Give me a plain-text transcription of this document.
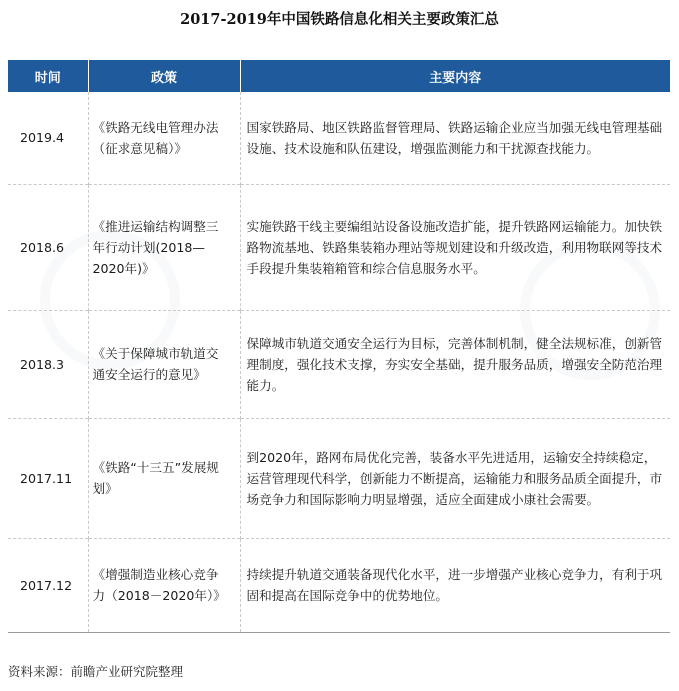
2017-2019年中国铁路信息化相关主要政策汇总
时间	政策	主要内容
2019.4	《铁路无线电管理办法（征求意见稿）》	国家铁路局、地区铁路监督管理局、铁路运输企业应当加强无线电管理基础设施、技术设施和队伍建设，增强监测能力和干扰源查找能力。
2018.6	《推进运输结构调整三年行动计划(2018—2020年)》	实施铁路干线主要编组站设备设施改造扩能，提升铁路网运输能力。加快铁路物流基地、铁路集装箱办理站等规划建设和升级改造，利用物联网等技术手段提升集装箱箱管和综合信息服务水平。
2018.3	《关于保障城市轨道交通安全运行的意见》	保障城市轨道交通安全运行为目标，完善体制机制，健全法规标准，创新管理制度，强化技术支撑，夯实安全基础，提升服务品质，增强安全防范治理能力。
2017.11	《铁路“十三五”发展规划》	到2020年，路网布局优化完善，装备水平先进适用，运输安全持续稳定，运营管理现代科学，创新能力不断提高，运输能力和服务品质全面提升，市场竞争力和国际影响力明显增强，适应全面建成小康社会需要。
2017.12	《增强制造业核心竞争力（2018－2020年）》	持续提升轨道交通装备现代化水平，进一步增强产业核心竞争力，有利于巩固和提高在国际竞争中的优势地位。
资料来源：前瞻产业研究院整理
